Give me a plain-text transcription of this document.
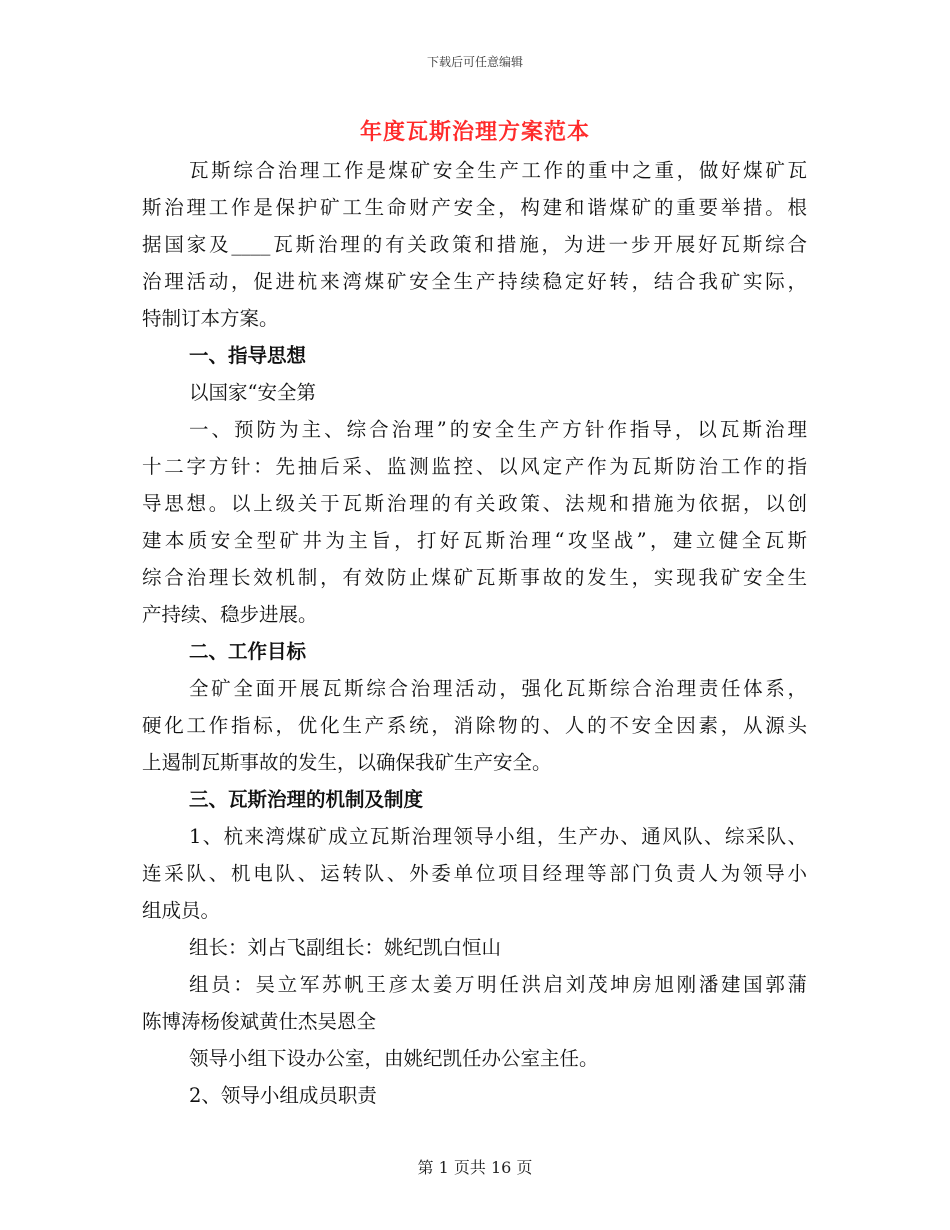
下载后可任意编辑
年度瓦斯治理方案范本
瓦斯综合治理工作是煤矿安全生产工作的重中之重，做好煤矿瓦
斯治理工作是保护矿工生命财产安全，构建和谐煤矿的重要举措。根
据国家及____瓦斯治理的有关政策和措施，为进一步开展好瓦斯综合
治理活动，促进杭来湾煤矿安全生产持续稳定好转，结合我矿实际，
特制订本方案。
一、指导思想
以国家“安全第
一、预防为主、综合治理”的安全生产方针作指导，以瓦斯治理
十二字方针：先抽后采、监测监控、以风定产作为瓦斯防治工作的指
导思想。以上级关于瓦斯治理的有关政策、法规和措施为依据，以创
建本质安全型矿井为主旨，打好瓦斯治理“攻坚战”，建立健全瓦斯
综合治理长效机制，有效防止煤矿瓦斯事故的发生，实现我矿安全生
产持续、稳步进展。
二、工作目标
全矿全面开展瓦斯综合治理活动，强化瓦斯综合治理责任体系，
硬化工作指标，优化生产系统，消除物的、人的不安全因素，从源头
上遏制瓦斯事故的发生，以确保我矿生产安全。
三、瓦斯治理的机制及制度
1、杭来湾煤矿成立瓦斯治理领导小组，生产办、通风队、综采队、
连采队、机电队、运转队、外委单位项目经理等部门负责人为领导小
组成员。
组长：刘占飞副组长：姚纪凯白恒山
组员：吴立军苏帆王彦太姜万明任洪启刘茂坤房旭刚潘建国郭蒲
陈博涛杨俊斌黄仕杰吴恩全
领导小组下设办公室，由姚纪凯任办公室主任。
2、领导小组成员职责
第 1 页共 16 页
